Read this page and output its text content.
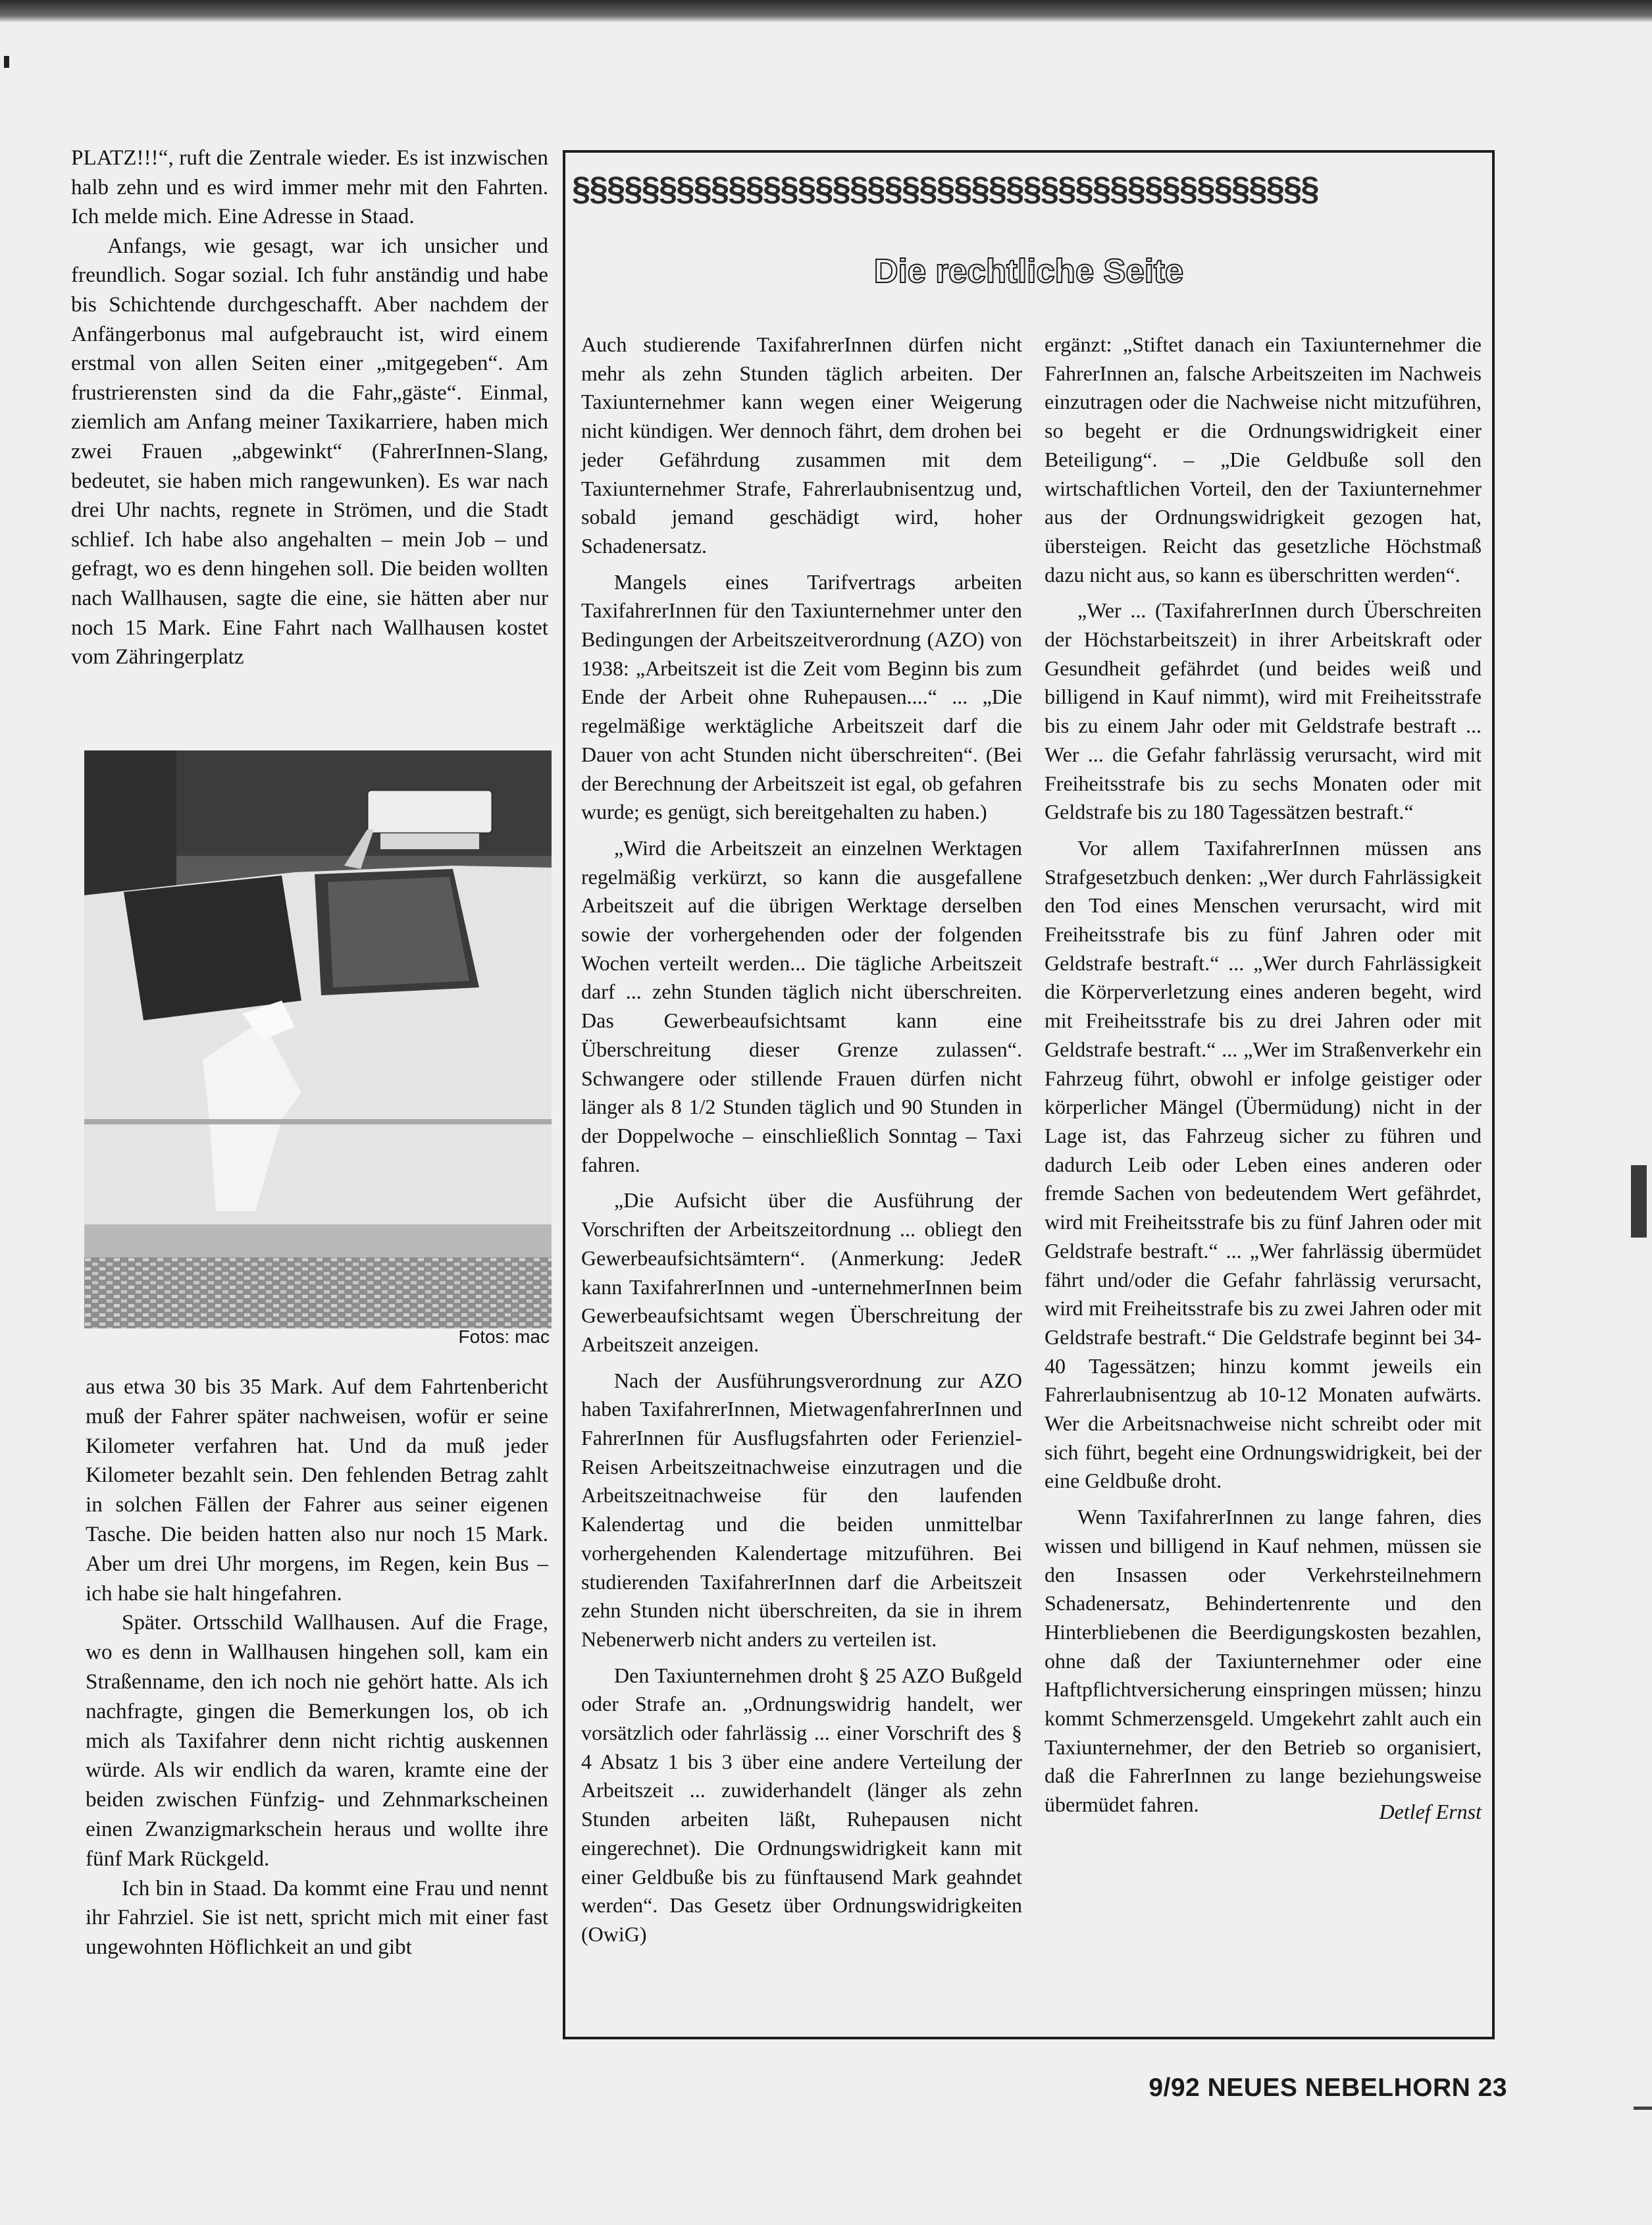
PLATZ!!!“, ruft die Zentrale wieder. Es ist inzwischen halb zehn und es wird immer mehr mit den Fahrten. Ich melde mich. Eine Adresse in Staad.

Anfangs, wie gesagt, war ich unsicher und freundlich. Sogar sozial. Ich fuhr anständig und habe bis Schichtende durchgeschafft. Aber nachdem der Anfängerbonus mal aufgebraucht ist, wird einem erstmal von allen Seiten einer „mitgegeben“. Am frustrierensten sind da die Fahr„gäste“. Einmal, ziemlich am Anfang meiner Taxikarriere, haben mich zwei Frauen „abgewinkt“ (FahrerInnen-Slang, bedeutet, sie haben mich rangewunken). Es war nach drei Uhr nachts, regnete in Strömen, und die Stadt schlief. Ich habe also angehalten – mein Job – und gefragt, wo es denn hingehen soll. Die beiden wollten nach Wallhausen, sagte die eine, sie hätten aber nur noch 15 Mark. Eine Fahrt nach Wallhausen kostet vom Zähringerplatz

Fotos: mac

aus etwa 30 bis 35 Mark. Auf dem Fahrtenbericht muß der Fahrer später nachweisen, wofür er seine Kilometer verfahren hat. Und da muß jeder Kilometer bezahlt sein. Den fehlenden Betrag zahlt in solchen Fällen der Fahrer aus seiner eigenen Tasche. Die beiden hatten also nur noch 15 Mark. Aber um drei Uhr morgens, im Regen, kein Bus – ich habe sie halt hingefahren.

Später. Ortsschild Wallhausen. Auf die Frage, wo es denn in Wallhausen hingehen soll, kam ein Straßenname, den ich noch nie gehört hatte. Als ich nachfragte, gingen die Bemerkungen los, ob ich mich als Taxifahrer denn nicht richtig auskennen würde. Als wir endlich da waren, kramte eine der beiden zwischen Fünfzig- und Zehnmarkscheinen einen Zwanzigmarkschein heraus und wollte ihre fünf Mark Rückgeld.

Ich bin in Staad. Da kommt eine Frau und nennt ihr Fahrziel. Sie ist nett, spricht mich mit einer fast ungewohnten Höflichkeit an und gibt

§§§§§§§§§§§§§§§§§§§§§§§§§§§§§§§§§§§§§§§§§§§
Die rechtliche Seite

Auch studierende TaxifahrerInnen dürfen nicht mehr als zehn Stunden täglich arbeiten. Der Taxiunternehmer kann wegen einer Weigerung nicht kündigen. Wer dennoch fährt, dem drohen bei jeder Gefährdung zusammen mit dem Taxiunternehmer Strafe, Fahrerlaubnisentzug und, sobald jemand geschädigt wird, hoher Schadenersatz.

Mangels eines Tarifvertrags arbeiten TaxifahrerInnen für den Taxiunternehmer unter den Bedingungen der Arbeitszeitverordnung (AZO) von 1938: „Arbeitszeit ist die Zeit vom Beginn bis zum Ende der Arbeit ohne Ruhepausen....“ ... „Die regelmäßige werktägliche Arbeitszeit darf die Dauer von acht Stunden nicht überschreiten“. (Bei der Berechnung der Arbeitszeit ist egal, ob gefahren wurde; es genügt, sich bereitgehalten zu haben.)

„Wird die Arbeitszeit an einzelnen Werktagen regelmäßig verkürzt, so kann die ausgefallene Arbeitszeit auf die übrigen Werktage derselben sowie der vorhergehenden oder der folgenden Wochen verteilt werden... Die tägliche Arbeitszeit darf ... zehn Stunden täglich nicht überschreiten. Das Gewerbeaufsichtsamt kann eine Überschreitung dieser Grenze zulassen“. Schwangere oder stillende Frauen dürfen nicht länger als 8 1/2 Stunden täglich und 90 Stunden in der Doppelwoche – einschließlich Sonntag – Taxi fahren.

„Die Aufsicht über die Ausführung der Vorschriften der Arbeitszeitordnung ... obliegt den Gewerbeaufsichtsämtern“. (Anmerkung: JedeR kann TaxifahrerInnen und -unternehmerInnen beim Gewerbeaufsichtsamt wegen Überschreitung der Arbeitszeit anzeigen.

Nach der Ausführungsverordnung zur AZO haben TaxifahrerInnen, MietwagenfahrerInnen und FahrerInnen für Ausflugsfahrten oder Ferienziel-Reisen Arbeitszeitnachweise einzutragen und die Arbeitszeitnachweise für den laufenden Kalendertag und die beiden unmittelbar vorhergehenden Kalendertage mitzuführen. Bei studierenden TaxifahrerInnen darf die Arbeitszeit zehn Stunden nicht überschreiten, da sie in ihrem Nebenerwerb nicht anders zu verteilen ist.

Den Taxiunternehmen droht § 25 AZO Bußgeld oder Strafe an. „Ordnungswidrig handelt, wer vorsätzlich oder fahrlässig ... einer Vorschrift des § 4 Absatz 1 bis 3 über eine andere Verteilung der Arbeitszeit ... zuwiderhandelt (länger als zehn Stunden arbeiten läßt, Ruhepausen nicht eingerechnet). Die Ordnungswidrigkeit kann mit einer Geldbuße bis zu fünftausend Mark geahndet werden“. Das Gesetz über Ordnungswidrigkeiten (OwiG)

ergänzt: „Stiftet danach ein Taxiunternehmer die FahrerInnen an, falsche Arbeitszeiten im Nachweis einzutragen oder die Nachweise nicht mitzuführen, so begeht er die Ordnungswidrigkeit einer Beteiligung“. – „Die Geldbuße soll den wirtschaftlichen Vorteil, den der Taxiunternehmer aus der Ordnungswidrigkeit gezogen hat, übersteigen. Reicht das gesetzliche Höchstmaß dazu nicht aus, so kann es überschritten werden“.

„Wer ... (TaxifahrerInnen durch Überschreiten der Höchstarbeitszeit) in ihrer Arbeitskraft oder Gesundheit gefährdet (und beides weiß und billigend in Kauf nimmt), wird mit Freiheitsstrafe bis zu einem Jahr oder mit Geldstrafe bestraft ... Wer ... die Gefahr fahrlässig verursacht, wird mit Freiheitsstrafe bis zu sechs Monaten oder mit Geldstrafe bis zu 180 Tagessätzen bestraft.“

Vor allem TaxifahrerInnen müssen ans Strafgesetzbuch denken: „Wer durch Fahrlässigkeit den Tod eines Menschen verursacht, wird mit Freiheitsstrafe bis zu fünf Jahren oder mit Geldstrafe bestraft.“ ... „Wer durch Fahrlässigkeit die Körperverletzung eines anderen begeht, wird mit Freiheitsstrafe bis zu drei Jahren oder mit Geldstrafe bestraft.“ ... „Wer im Straßenverkehr ein Fahrzeug führt, obwohl er infolge geistiger oder körperlicher Mängel (Übermüdung) nicht in der Lage ist, das Fahrzeug sicher zu führen und dadurch Leib oder Leben eines anderen oder fremde Sachen von bedeutendem Wert gefährdet, wird mit Freiheitsstrafe bis zu fünf Jahren oder mit Geldstrafe bestraft.“ ... „Wer fahrlässig übermüdet fährt und/oder die Gefahr fahrlässig verursacht, wird mit Freiheitsstrafe bis zu zwei Jahren oder mit Geldstrafe bestraft.“ Die Geldstrafe beginnt bei 34-40 Tagessätzen; hinzu kommt jeweils ein Fahrerlaubnisentzug ab 10-12 Monaten aufwärts. Wer die Arbeitsnachweise nicht schreibt oder mit sich führt, begeht eine Ordnungswidrigkeit, bei der eine Geldbuße droht.

Wenn TaxifahrerInnen zu lange fahren, dies wissen und billigend in Kauf nehmen, müssen sie den Insassen oder Verkehrsteilnehmern Schadenersatz, Behindertenrente und den Hinterbliebenen die Beerdigungskosten bezahlen, ohne daß der Taxiunternehmer oder eine Haftpflichtversicherung einspringen müssen; hinzu kommt Schmerzensgeld. Umgekehrt zahlt auch ein Taxiunternehmer, der den Betrieb so organisiert, daß die FahrerInnen zu lange beziehungsweise übermüdet fahren.	Detlef Ernst
9/92 NEUES NEBELHORN 23
